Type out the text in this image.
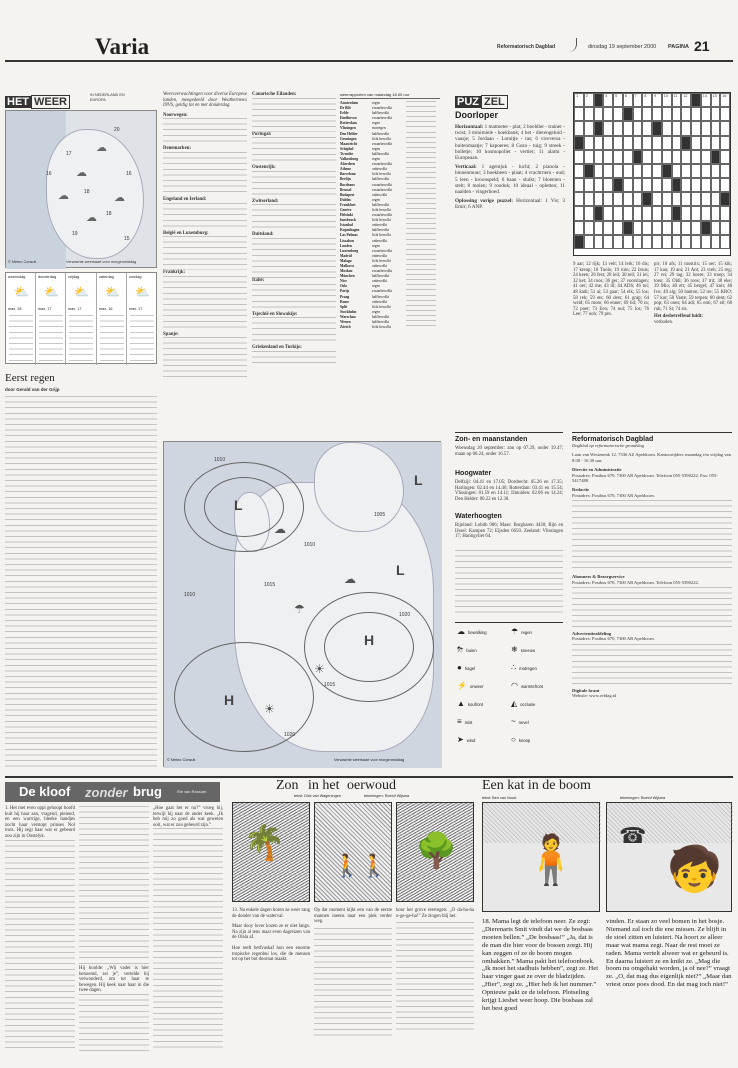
Varia	Reformatorisch Dagblad	dinsdag 19 september 2000 PAGINA 21
HET WEER
IN NEDERLAND EN EUROPA
☁
☁
☁
☁
☁
20
17
16
18
18
19
15
16
© Meteo Consult	Verwachte weerkaart voor morgenmiddag
woensdag
⛅
max. 18
donderdag
⛅
max. 17
vrijdag
⛅
max. 17
zaterdag
⛅
max. 16
zondag
⛅
max. 17
Eerst regen
door Gerald van der Grijp
Weersverwachtingen voor diverse Europese landen, meegedeeld door Weathernews INVS, geldig tot en met donderdag.
Noorwegen:
Denemarken:
Engeland en Ierland:
België en Luxemburg:
Frankrijk:
Spanje:
Canarische Eilanden:
Portugal:
Oostenrijk:
Zwitserland:
Duitsland:
Italië:
Tsjechië en Slowakije:
Griekenland en Turkije:
weerrapporten van maandag 18.00 uur
Amsterdam	regen
De Bilt	zwaarbewolkt
Eelde	halfbewolkt
Eindhoven	zwaarbewolkt
Rotterdam	regen
Vlissingen	motregen
Den Helder	halfbewolkt
Groningen	licht bewolkt
Maastricht	zwaarbewolkt
Schiphol	regen
Twenthe	halfbewolkt
Valkenburg	regen
Aberdeen	zwaarbewolkt
Athene	onbewolkt
Barcelona	licht bewolkt
Berlijn	halfbewolkt
Bordeaux	zwaarbewolkt
Brussel	zwaarbewolkt
Budapest	onbewolkt
Dublin	regen
Frankfurt	halfbewolkt
Genève	licht bewolkt
Helsinki	zwaarbewolkt
Innsbruck	licht bewolkt
Istanbul	onbewolkt
Kopenhagen	halfbewolkt
Las Palmas	licht bewolkt
Lissabon	onbewolkt
Londen	regen
Luxemburg	zwaarbewolkt
Madrid	onbewolkt
Malaga	licht bewolkt
Mallorca	onbewolkt
Moskou	zwaarbewolkt
München	halfbewolkt
Nice	onbewolkt
Oslo	regen
Parijs	zwaarbewolkt
Praag	halfbewolkt
Rome	onbewolkt
Split	licht bewolkt
Stockholm	regen
Warschau	halfbewolkt
Wenen	halfbewolkt
Zürich	licht bewolkt
L
H
L
H
L
1010
1010
1015
1015
1020
1010
1005
1020
☁
☁
☀
☀
☂
© Meteo Consult	Verwachte weerkaart voor morgenmiddag
PUZ ZEL
Doorloper
Horizontaal: 1 matmeter - plat; 2 boeldier - trainer - twist; 3 minimiele - boekbank; 4 het - dierengeluid - vaasje; 5 Jordaan - Lomitje - tas; 6 viceversa - buitenmaatje; 7 kapoeres; 8 Gozo - tuig; 9 streek - bolletje; 10 kosmopoliet - vertier; 11 alarm - Europeaan.
Verticaal: 1 agentjuk - lucht; 2 pianola - binnenmuur; 3 hoekbeen - plaat; 4 vrachtriem - oud; 5 leen - kroonspeld; 6 baan - sluikt; 7 bloemen - stelt; 8 molen; 9 rooduk; 10 ideaal - opletten; 11 naalden - vingerhoed.
Oplossing vorige puzzel: Horizontaal: 1 Vis; 3 Emir; 6 ANP.
1 2 3 4 5 6 7 8 9 10 11 12 13 14 15 16
9 aar; 12 rijk; 13 velt; 14 lerk; 16 dis; 17 kreup; 18 Tuolo; 19 ruin; 22 bruis; 24 keen; 26 fest; 28 leil; 30 teil; 31 lei; 32 ket; 34 roos; 36 ger; 37 voorslagen; 41 oer; 42 me; 43 ill; 44 ADS; 46 tol; 48 kadi; 51 ai; 53 gaar; 54 elk; 55 los; 58 rek; 59 ets; 60 ders; 61 grap; 64 weld; 65 moto; 66 enner; 69 lid; 70 ra; 72 poet; 73 Een; 74 nul; 75 los; 76 Lee; 77 ooh; 79 pro.
pir; 10 afs; 11 mostrix; 15 oer; 15 kik; 17 kan; 19 ani; 21 Ant; 23 vreh; 25 reg; 27 rei; 29 tag; 32 hoere; 33 troep; 34 toen; 35 Oldi; 36 roos; 37 trit; 38 eke; 39 Mio; 40 ett; 45 bergel; 47 knit; 48 Ivo; 49 alg; 50 hanton; 52 ire; 55 KRO; 57 kar; 58 Vaste; 59 terpen; 60 dent; 62 pop; 63 ones; 64 adi; 65 omi; 67 eil; 68 ruh; 71 St; 74 sis.
Het desbetreffend luidt:
verboden.
Zon- en maanstanden
Woensdag 20 september: zon op 07.29, onder 19.47; maan op 00.24, onder 16.57.
Hoogwater
Delfzijl: 04.41 en 17.05; Dordrecht: 05.26 en 17.35; Harlingen: 02.44 en 14.46; Rotterdam: 03.41 en 15.54; Vlissingen: 01.59 en 14.11; IJmuiden: 02.06 en 14.24; Den Helder: 00.22 en 12.30.
Waterhoogten
Rijnland: Lobith 986; Maas: Borgharen 4430; Rijn en IJssel: Kampen 72; Eijsden 6650. Zeeland: Vlissingen 17; Haringvliet 64.
☁ bewolking	☂ regen
⛈ buien	❄ sneeuw
● hagel	∴ motregen
⚡ onweer	◠ warmtefront
▲ koufront	◭ occlusie
≡ mist	~ nevel
➤ wind	○ knoop
Reformatorisch Dagblad
Dagblad op reformatorische grondslag
Laan van Westenenk 12, 7336 AZ Apeldoorn. Kantoortijden: maandag t/m vrijdag van 8.00 - 16.30 uur.
Directie en Administratie
Postadres: Postbus 670, 7300 AR Apeldoorn. Telefoon 055-5390222. Fax: 055-5417488.
Redactie
Postadres: Postbus 670, 7300 AR Apeldoorn.
Abonnees & Bezorgservice
Postadres: Postbus 670, 7300 AR Apeldoorn. Telefoon 055-5390222.
Advertentieafdeling
Postadres: Postbus 670, 7300 AR Apeldoorn.
Digitale krant
Website: www.refdag.nl
De kloof zonder brug	Rie van Rossum
1. Het met even oppi gehoopt hoofd kuit hij haar aan, vragend, pleiend, en een warrrige, bleeke handjes zocht haar verstopt prinses Nol trots. Hij zegt haar wat er gebeurd zou zijn in Oostelyk.
Hij hoolde: „Wij vader is hier benoemd, zei je”, vertelde hij verwonderd, om tot haar te bewegen. Hij keek naar haar in die twee dagen.
„Hoe gaat het er nu?” vroeg hij, terwijl hij naar de ander keek. „Ik heb mij zo goed als wat geweten ooit, wat er zou gebeurd zijn.”
Zon in het oerwoud
tekst: Dick van Wageningen	tekeningen: Roelof Wijsma
🌴
🚶🚶 🌳
13. Na enkele dagen horen ze weer rang de donder van de waterval.
Maar dooy lover kozen ze er niet langs. Na zijn al tens maar even dagreizen van de Olala af.
Hoe reeft hetfvaskaf hun een enorme tropische regenbui los, die de mensen tot op het bot doornat maakt.
Op dat moment kijkt een van de eerste mannen ineens naar een plek verder weg.
hoor het grove reerregen: „O da-ha-ha o-ge-ge-ha!” Ze zingen blij het.
Een kat in de boom
tekst: Ben van Noort	tekeningen: Roelof Wijsma
🧍 ☎
🧒
18. Mama legt de telefoon neer. Ze zegt: „Dierenarts Smit vindt dat we de bosbaas moeten bellen.” „De bosbaas!” „Ja, dat is de man die hier voor de bossen zorgt. Hij kan zeggen of ze de boom mogen omhakken.” Mama pakt het telefoonboek. „Ik moet het stadhuis hebben”, zegt ze. Het haar vinger gaat ze over de bladzijden. „Hier”, zegt ze. „Hier heb ik het nummer.” Opnieuw pakt ze de telefoon. Plotseling krijgt Liesbet weer hoop. Die bosbaas zal het best goed
vinden. Er staan zo veel bomen in het bosje. Niemand zal toch die ene missen. Ze blijft in de stoel zitten en luistert. Na hoort ze alleer maar wat mama zegt. Naar de rest moet ze raden. Mama vertelt alweer wat er gebeurd is. En daarna luistert ze en knikt ze. „Mag die boom nu omgehakt worden, ja of nee?” vraagt ze. „O, dat mag dus eigenlijk niet?” „Maar dan vriest onze poes dood. En dat mag toch niet!”
